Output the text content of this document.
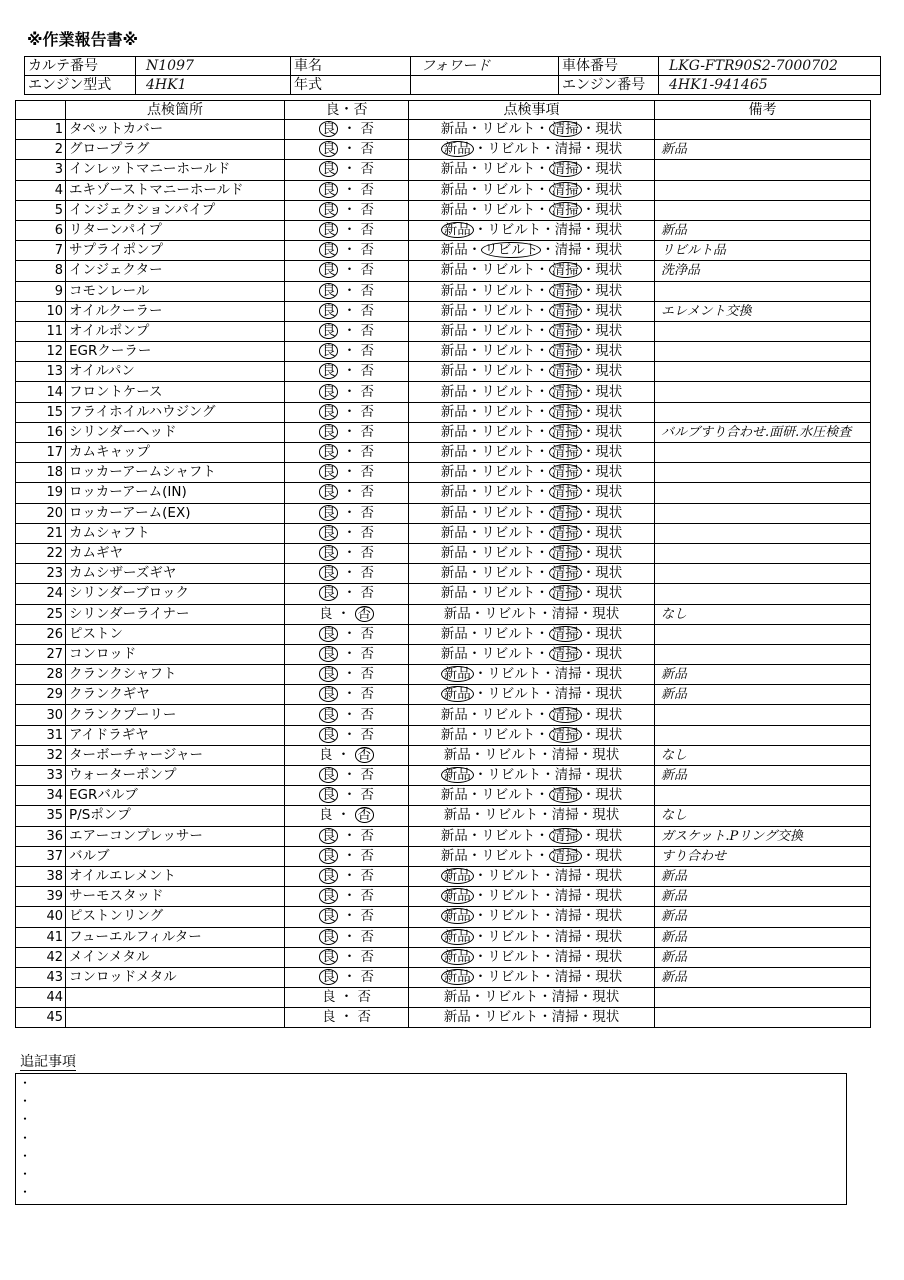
※作業報告書※
カルテ番号	N1097	車名	フォワード	車体番号	LKG-FTR90S2-7000702
エンジン型式	4HK1	年式		エンジン番号	4HK1-941465
	点検箇所	良・否	点検事項	備考
1	タペットカバー	良 ・ 否	新品・リビルト・ 清掃 ・現状	
2	グロープラグ	良 ・ 否	新品 ・リビルト・清掃・現状	新品
3	インレットマニーホールド	良 ・ 否	新品・リビルト・ 清掃 ・現状	
4	エキゾーストマニーホールド	良 ・ 否	新品・リビルト・ 清掃 ・現状	
5	インジェクションパイプ	良 ・ 否	新品・リビルト・ 清掃 ・現状	
6	リターンパイプ	良 ・ 否	新品 ・リビルト・清掃・現状	新品
7	サプライポンプ	良 ・ 否	新品・ リビルト ・清掃・現状	リビルト品
8	インジェクター	良 ・ 否	新品・リビルト・ 清掃 ・現状	洗浄品
9	コモンレール	良 ・ 否	新品・リビルト・ 清掃 ・現状	
10	オイルクーラー	良 ・ 否	新品・リビルト・ 清掃 ・現状	エレメント交換
11	オイルポンプ	良 ・ 否	新品・リビルト・ 清掃 ・現状	
12	EGRクーラー	良 ・ 否	新品・リビルト・ 清掃 ・現状	
13	オイルパン	良 ・ 否	新品・リビルト・ 清掃 ・現状	
14	フロントケース	良 ・ 否	新品・リビルト・ 清掃 ・現状	
15	フライホイルハウジング	良 ・ 否	新品・リビルト・ 清掃 ・現状	
16	シリンダーヘッド	良 ・ 否	新品・リビルト・ 清掃 ・現状	バルブすり合わせ.面研.水圧検査
17	カムキャップ	良 ・ 否	新品・リビルト・ 清掃 ・現状	
18	ロッカーアームシャフト	良 ・ 否	新品・リビルト・ 清掃 ・現状	
19	ロッカーアーム(IN)	良 ・ 否	新品・リビルト・ 清掃 ・現状	
20	ロッカーアーム(EX)	良 ・ 否	新品・リビルト・ 清掃 ・現状	
21	カムシャフト	良 ・ 否	新品・リビルト・ 清掃 ・現状	
22	カムギヤ	良 ・ 否	新品・リビルト・ 清掃 ・現状	
23	カムシザーズギヤ	良 ・ 否	新品・リビルト・ 清掃 ・現状	
24	シリンダーブロック	良 ・ 否	新品・リビルト・ 清掃 ・現状	
25	シリンダーライナー	良 ・ 否	新品・リビルト・清掃・現状	なし
26	ピストン	良 ・ 否	新品・リビルト・ 清掃 ・現状	
27	コンロッド	良 ・ 否	新品・リビルト・ 清掃 ・現状	
28	クランクシャフト	良 ・ 否	新品 ・リビルト・清掃・現状	新品
29	クランクギヤ	良 ・ 否	新品 ・リビルト・清掃・現状	新品
30	クランクプーリー	良 ・ 否	新品・リビルト・ 清掃 ・現状	
31	アイドラギヤ	良 ・ 否	新品・リビルト・ 清掃 ・現状	
32	ターボーチャージャー	良 ・ 否	新品・リビルト・清掃・現状	なし
33	ウォーターポンプ	良 ・ 否	新品 ・リビルト・清掃・現状	新品
34	EGRバルブ	良 ・ 否	新品・リビルト・ 清掃 ・現状	
35	P/Sポンプ	良 ・ 否	新品・リビルト・清掃・現状	なし
36	エアーコンプレッサー	良 ・ 否	新品・リビルト・ 清掃 ・現状	ガスケット.Pリング交換
37	バルブ	良 ・ 否	新品・リビルト・ 清掃 ・現状	すり合わせ
38	オイルエレメント	良 ・ 否	新品 ・リビルト・清掃・現状	新品
39	サーモスタッド	良 ・ 否	新品 ・リビルト・清掃・現状	新品
40	ピストンリング	良 ・ 否	新品 ・リビルト・清掃・現状	新品
41	フューエルフィルター	良 ・ 否	新品 ・リビルト・清掃・現状	新品
42	メインメタル	良 ・ 否	新品 ・リビルト・清掃・現状	新品
43	コンロッドメタル	良 ・ 否	新品 ・リビルト・清掃・現状	新品
44		良 ・ 否	新品・リビルト・清掃・現状	
45		良 ・ 否	新品・リビルト・清掃・現状	
追記事項
・
・
・
・
・
・
・
